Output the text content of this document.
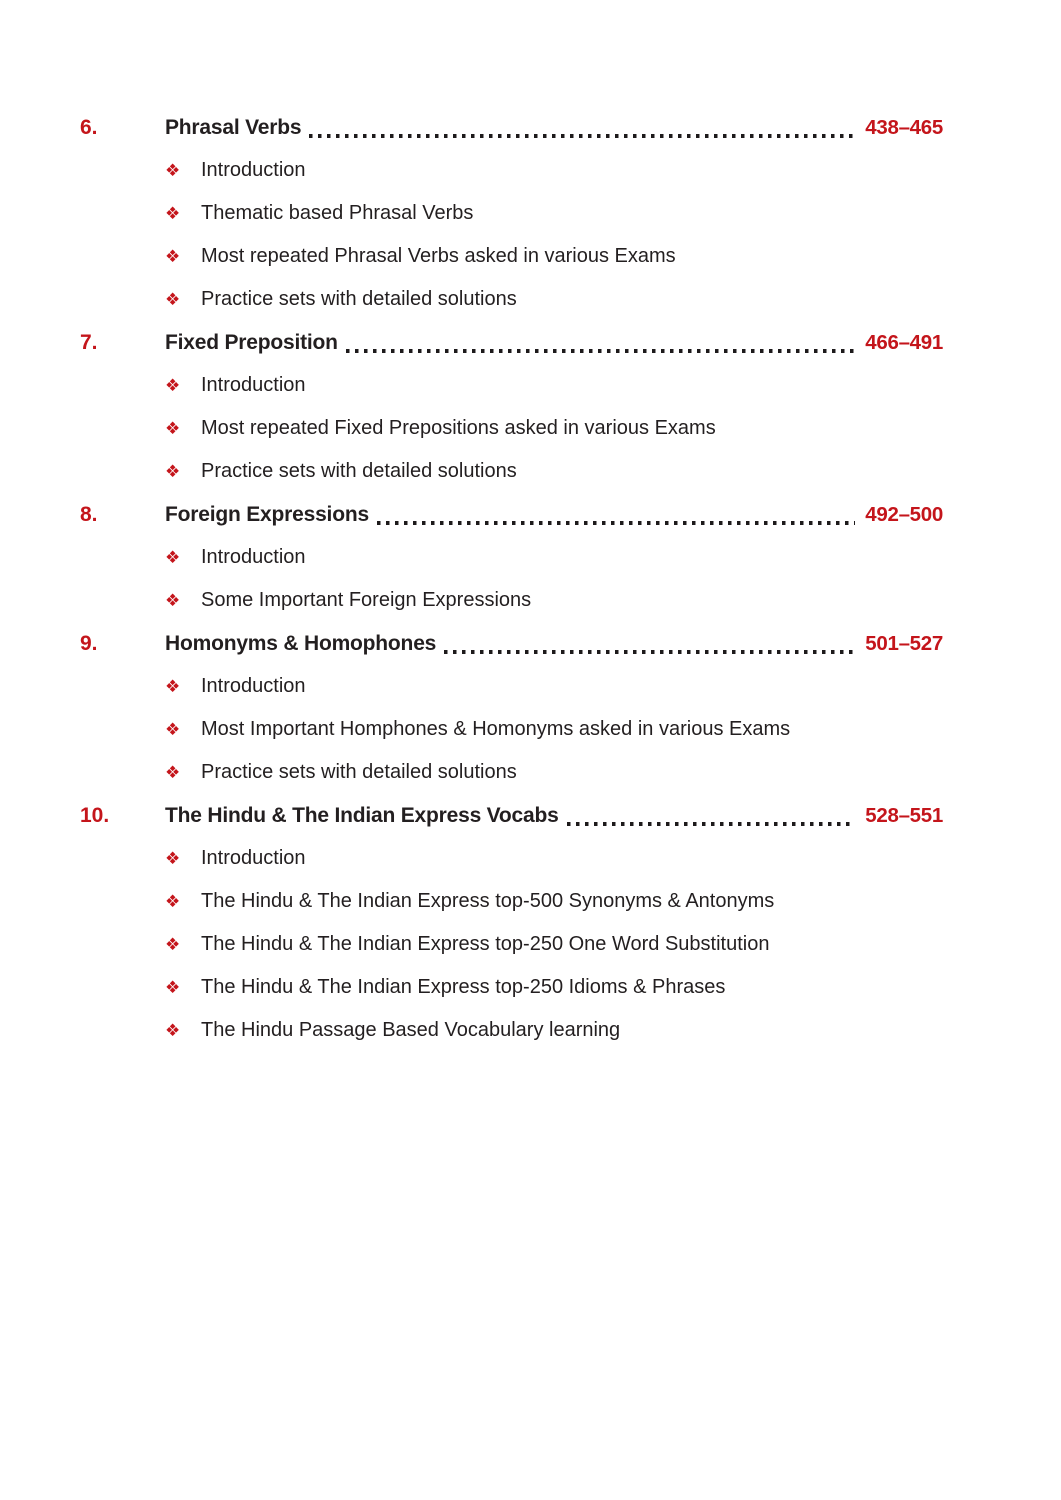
6.	Phrasal Verbs	438–465
❖	Introduction
❖	Thematic based Phrasal Verbs
❖	Most repeated Phrasal Verbs asked in various Exams
❖	Practice sets with detailed solutions
7.	Fixed Preposition	466–491
❖	Introduction
❖	Most repeated Fixed Prepositions asked in various Exams
❖	Practice sets with detailed solutions
8.	Foreign Expressions	492–500
❖	Introduction
❖	Some Important Foreign Expressions
9.	Homonyms & Homophones	501–527
❖	Introduction
❖	Most Important Homphones & Homonyms asked in various Exams
❖	Practice sets with detailed solutions
10.	The Hindu & The Indian Express Vocabs	528–551
❖	Introduction
❖	The Hindu & The Indian Express top-500 Synonyms & Antonyms
❖	The Hindu & The Indian Express top-250 One Word Substitution
❖	The Hindu & The Indian Express top-250 Idioms & Phrases
❖	The Hindu Passage Based Vocabulary learning
